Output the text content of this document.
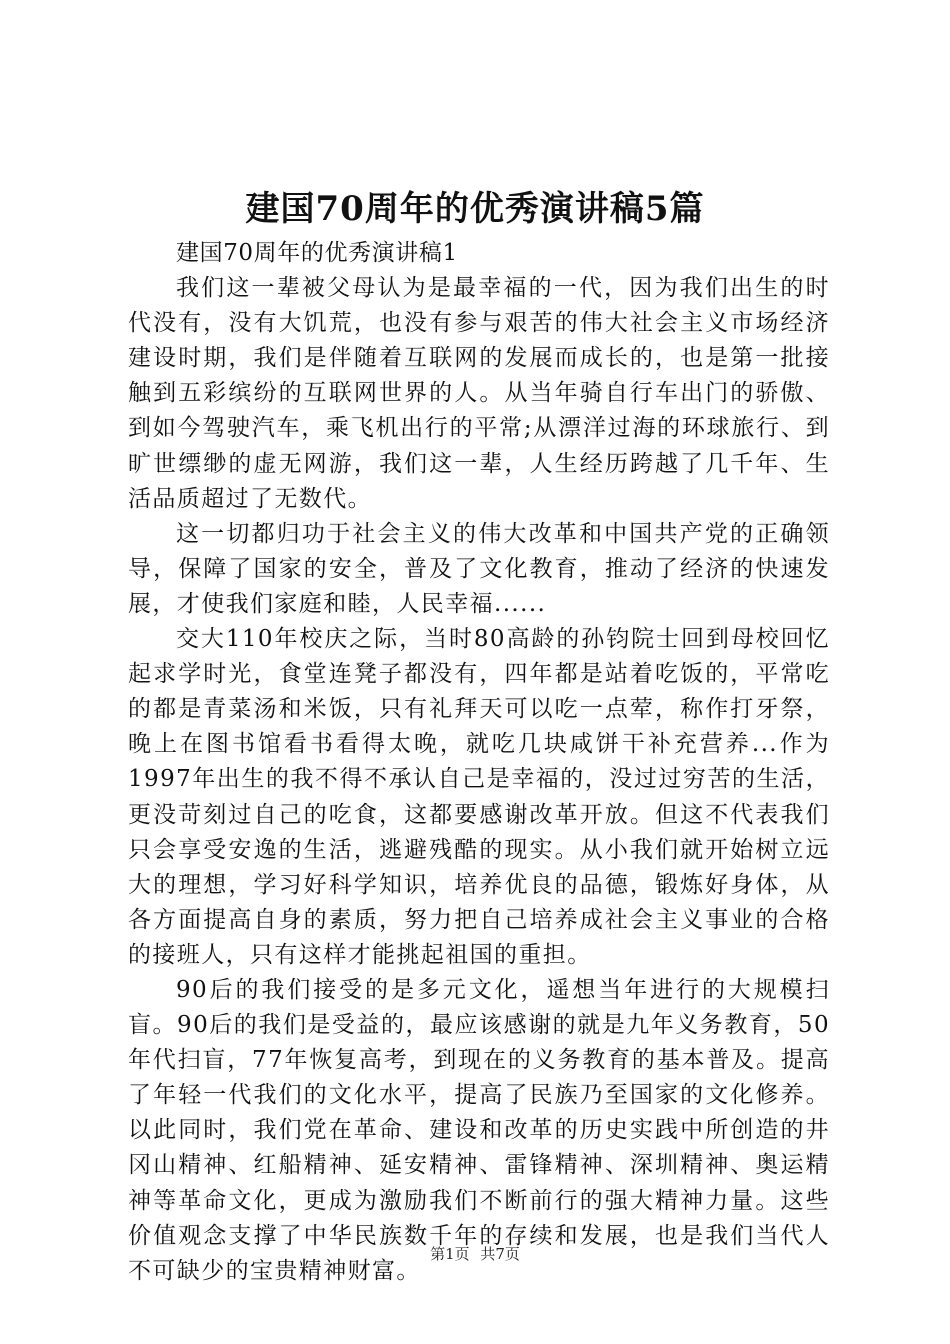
建国70周年的优秀演讲稿5篇

建国70周年的优秀演讲稿1

我们这一辈被父母认为是最幸福的一代，因为我们出生的时代没有，没有大饥荒，也没有参与艰苦的伟大社会主义市场经济建设时期，我们是伴随着互联网的发展而成长的，也是第一批接触到五彩缤纷的互联网世界的人。从当年骑自行车出门的骄傲、到如今驾驶汽车，乘飞机出行的平常;从漂洋过海的环球旅行、到旷世缥缈的虚无网游，我们这一辈，人生经历跨越了几千年、生活品质超过了无数代。

这一切都归功于社会主义的伟大改革和中国共产党的正确领导，保障了国家的安全，普及了文化教育，推动了经济的快速发展，才使我们家庭和睦，人民幸福......

交大110年校庆之际，当时80高龄的孙钧院士回到母校回忆起求学时光，食堂连凳子都没有，四年都是站着吃饭的，平常吃的都是青菜汤和米饭，只有礼拜天可以吃一点荤，称作打牙祭，晚上在图书馆看书看得太晚，就吃几块咸饼干补充营养...作为1997年出生的我不得不承认自己是幸福的，没过过穷苦的生活，更没苛刻过自己的吃食，这都要感谢改革开放。但这不代表我们只会享受安逸的生活，逃避残酷的现实。从小我们就开始树立远大的理想，学习好科学知识，培养优良的品德，锻炼好身体，从各方面提高自身的素质，努力把自己培养成社会主义事业的合格的接班人，只有这样才能挑起祖国的重担。

90后的我们接受的是多元文化，遥想当年进行的大规模扫盲。90后的我们是受益的，最应该感谢的就是九年义务教育，50年代扫盲，77年恢复高考，到现在的义务教育的基本普及。提高了年轻一代我们的文化水平，提高了民族乃至国家的文化修养。以此同时，我们党在革命、建设和改革的历史实践中所创造的井冈山精神、红船精神、延安精神、雷锋精神、深圳精神、奥运精神等革命文化，更成为激励我们不断前行的强大精神力量。这些价值观念支撑了中华民族数千年的存续和发展，也是我们当代人不可缺少的宝贵精神财富。

第1页 共7页
